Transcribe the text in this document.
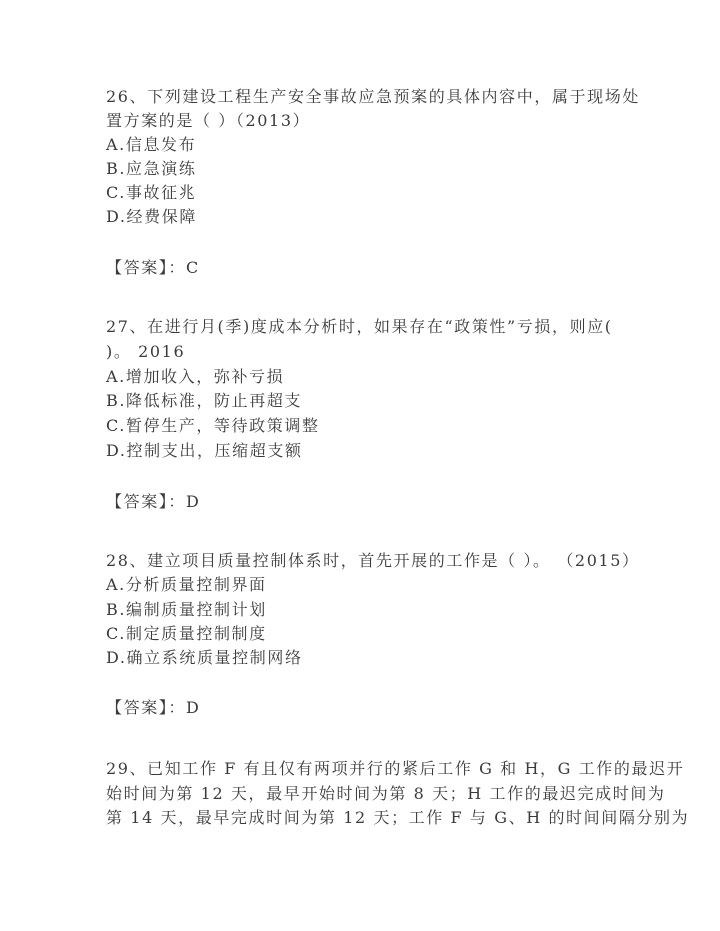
26、下列建设工程生产安全事故应急预案的具体内容中，属于现场处
置方案的是（ ）（2013）
A.信息发布
B.应急演练
C.事故征兆
D.经费保障
【答案】：C
27、在进行月(季)度成本分析时，如果存在“政策性”亏损，则应(
)。 2016
A.增加收入，弥补亏损
B.降低标准，防止再超支
C.暂停生产，等待政策调整
D.控制支出，压缩超支额
【答案】：D
28、建立项目质量控制体系时，首先开展的工作是（ ）。 （2015）
A.分析质量控制界面
B.编制质量控制计划
C.制定质量控制制度
D.确立系统质量控制网络
【答案】：D
29、已知工作 F 有且仅有两项并行的紧后工作 G 和 H，G 工作的最迟开
始时间为第 12 天，最早开始时间为第 8 天；H 工作的最迟完成时间为
第 14 天，最早完成时间为第 12 天；工作 F 与 G、H 的时间间隔分别为
